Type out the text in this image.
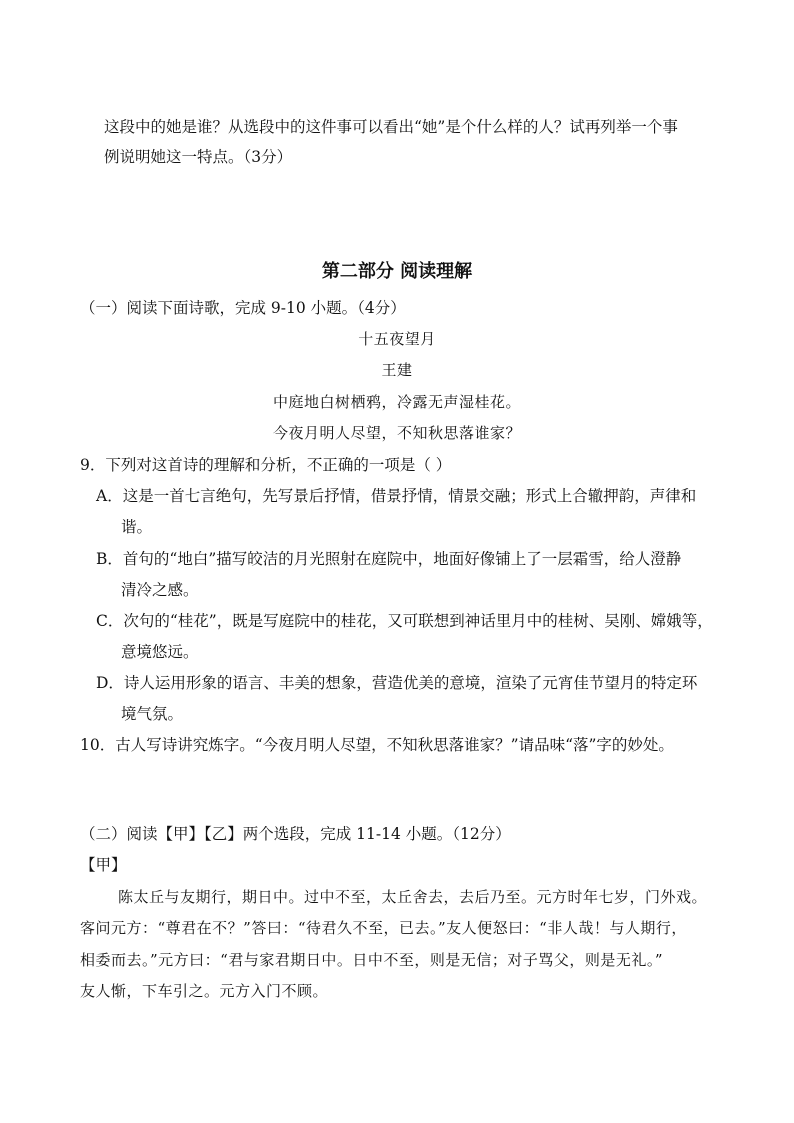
这段中的她是谁？从选段中的这件事可以看出“她”是个什么样的人？试再列举一个事
例说明她这一特点。（3分）
第二部分 阅读理解
（一）阅读下面诗歌，完成 9-10 小题。（4分）
十五夜望月
王建
中庭地白树栖鸦，冷露无声湿桂花。
今夜月明人尽望，不知秋思落谁家？
9．下列对这首诗的理解和分析，不正确的一项是（ ）
A．这是一首七言绝句，先写景后抒情，借景抒情，情景交融；形式上合辙押韵，声律和
谐。
B．首句的“地白”描写皎洁的月光照射在庭院中，地面好像铺上了一层霜雪，给人澄静
清冷之感。
C．次句的“桂花”，既是写庭院中的桂花，又可联想到神话里月中的桂树、吴刚、嫦娥等，
意境悠远。
D．诗人运用形象的语言、丰美的想象，营造优美的意境，渲染了元宵佳节望月的特定环
境气氛。
10．古人写诗讲究炼字。“今夜月明人尽望，不知秋思落谁家？”请品味“落”字的妙处。
（二）阅读【甲】【乙】两个选段，完成 11-14 小题。（12分）
【甲】
陈太丘与友期行，期日中。过中不至，太丘舍去，去后乃至。元方时年七岁，门外戏。
客问元方：“尊君在不？”答曰：“待君久不至，已去。”友人便怒曰：“非人哉！与人期行，
相委而去。”元方曰：“君与家君期日中。日中不至，则是无信；对子骂父，则是无礼。”
友人惭，下车引之。元方入门不顾。
